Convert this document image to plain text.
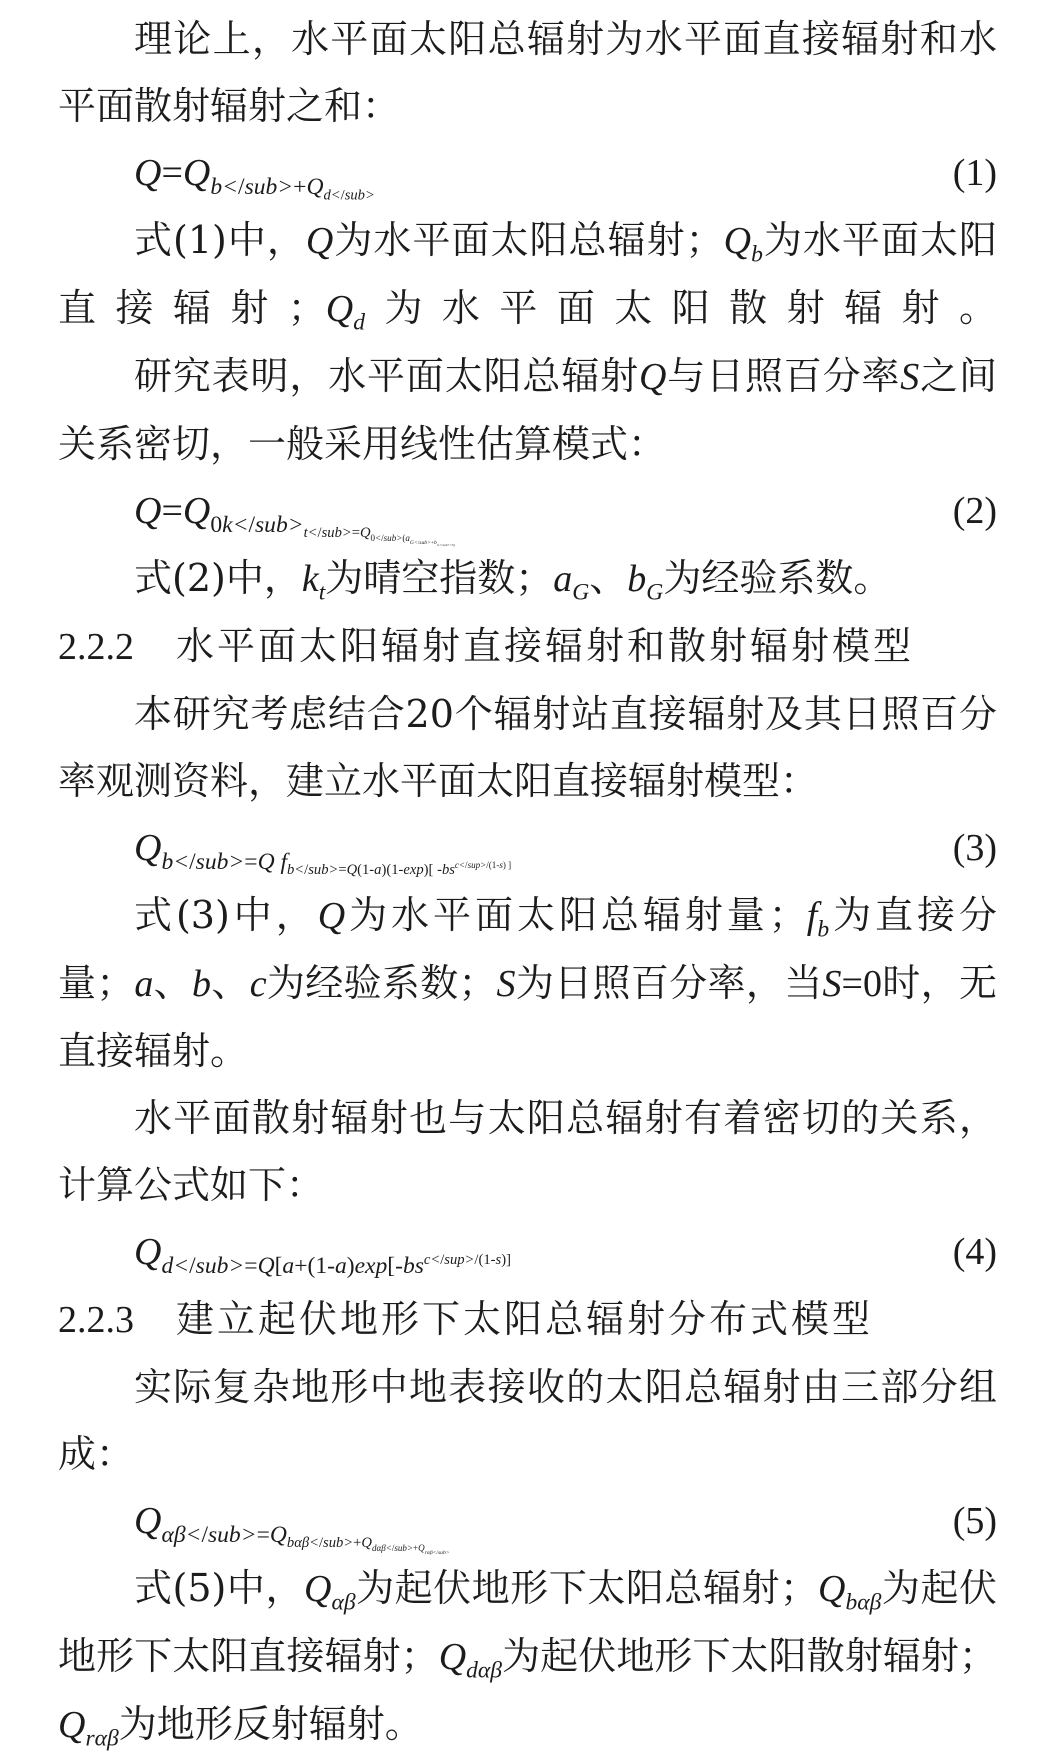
理论上，水平面太阳总辐射为水平面直接辐射和水平面散射辐射之和：

$Q=Q_{b</sub>+Q_{d</sub>}}$
(1)

式(1)中，Q为水平面太阳总辐射；$Q_b$为水平面太阳直接辐射；$Q_d$为水平面太阳散射辐射。

研究表明，水平面太阳总辐射Q与日照百分率S之间关系密切，一般采用线性估算模式：

$Q=Q_{0k</sub>_{t</sub>=Q_{0</sub>(a_{G</sub>+b_{G</sub>\times S)}}}}}$
(2)

式(2)中，$k_t$为晴空指数；$a_G$、$b_G$为经验系数。

2.2.2 水平面太阳辐射直接辐射和散射辐射模型

本研究考虑结合20个辐射站直接辐射及其日照百分率观测资料，建立水平面太阳直接辐射模型：

$Q_{b</sub>=Q f_{b</sub>=Q(1-a)(1-exp)[ -bs^{c</sup>/(1-s) ]}}}$	(3)

式(3)中，Q为水平面太阳总辐射量；$f_b$为直接分量；a、b、c为经验系数；S为日照百分率，当S=0时，无直接辐射。

水平面散射辐射也与太阳总辐射有着密切的关系，计算公式如下：

$Q_{d</sub>=Q[a+(1-a)exp[-bs^{c</sup>/(1-s)]}}$	(4)

2.2.3 建立起伏地形下太阳总辐射分布式模型

实际复杂地形中地表接收的太阳总辐射由三部分组成：

$Q_{\alpha\beta</sub>=Q_{b\alpha\beta</sub>+Q_{d\alpha\beta</sub>+Q_{r\alpha\beta</sub>}}}}$
(5)

式(5)中，$Q_{\alpha\beta}$为起伏地形下太阳总辐射；$Q_{b\alpha\beta}$为起伏地形下太阳直接辐射；$Q_{d\alpha\beta}$为起伏地形下太阳散射辐射；$Q_{r\alpha\beta}$为地形反射辐射。
